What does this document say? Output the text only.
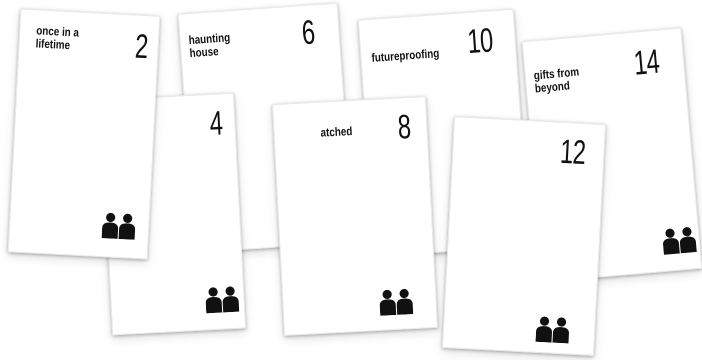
haunting
house	6
futureproofing 10
gifts from
beyond
14
4	atched 8
12
once in a
lifetime 2
